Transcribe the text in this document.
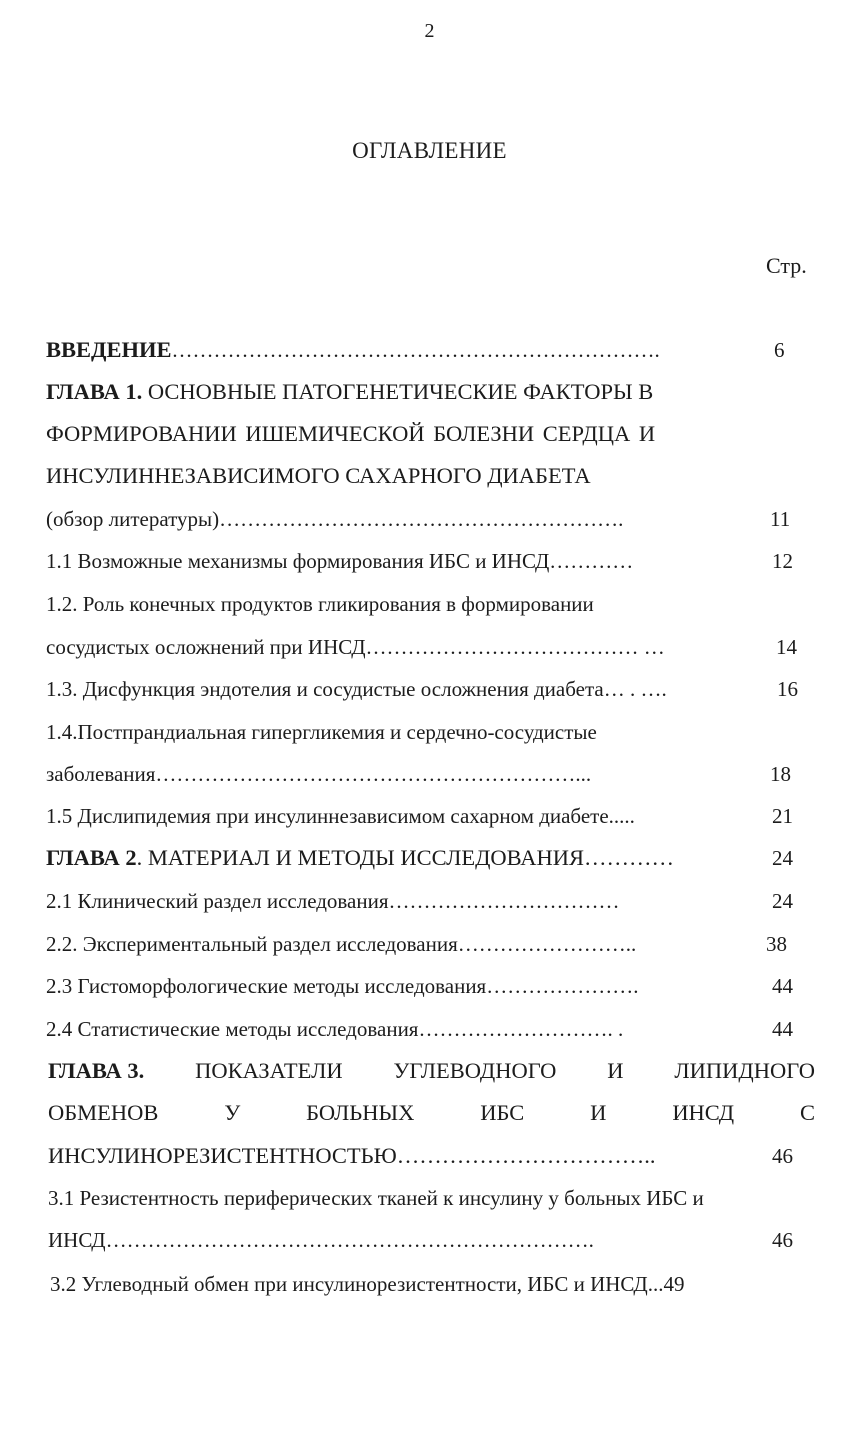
2
ОГЛАВЛЕНИЕ
Стр.
ВВЕДЕНИЕ…………………………………………………………….	6
ГЛАВА 1. ОСНОВНЫЕ ПАТОГЕНЕТИЧЕСКИЕ ФАКТОРЫ В
ФОРМИРОВАНИИ ИШЕМИЧЕСКОЙ БОЛЕЗНИ СЕРДЦА И
ИНСУЛИННЕЗАВИСИМОГО САХАРНОГО ДИАБЕТА
(обзор литературы)………………………………………………….	11
1.1 Возможные механизмы формирования ИБС и ИНСД…………	12
1.2. Роль конечных продуктов гликирования в формировании
сосудистых осложнений при ИНСД………………………………… …	14
1.3. Дисфункция эндотелия и сосудистые осложнения диабета… . ….	16
1.4.Постпрандиальная гипергликемия и сердечно-сосудистые
заболевания……………………………………………………...	18
1.5 Дислипидемия при инсулиннезависимом сахарном диабете.....	21
ГЛАВА 2. МАТЕРИАЛ И МЕТОДЫ ИССЛЕДОВАНИЯ…………	24
2.1 Клинический раздел исследования……………………………	24
2.2. Экспериментальный раздел исследования……………………..	38
2.3 Гистоморфологические методы исследования………………….	44
2.4 Статистические методы исследования………………………. .	44
ГЛАВА 3. ПОКАЗАТЕЛИ УГЛЕВОДНОГО И ЛИПИДНОГО
ОБМЕНОВ	У	БОЛЬНЫХ	ИБС	И	ИНСД	С
ИНСУЛИНОРЕЗИСТЕНТНОСТЬЮ……………………………..	46
3.1 Резистентность периферических тканей к инсулину у больных ИБС и
ИНСД…………………………………………………………….	46
3.2 Углеводный обмен при инсулинорезистентности, ИБС и ИНСД...49
